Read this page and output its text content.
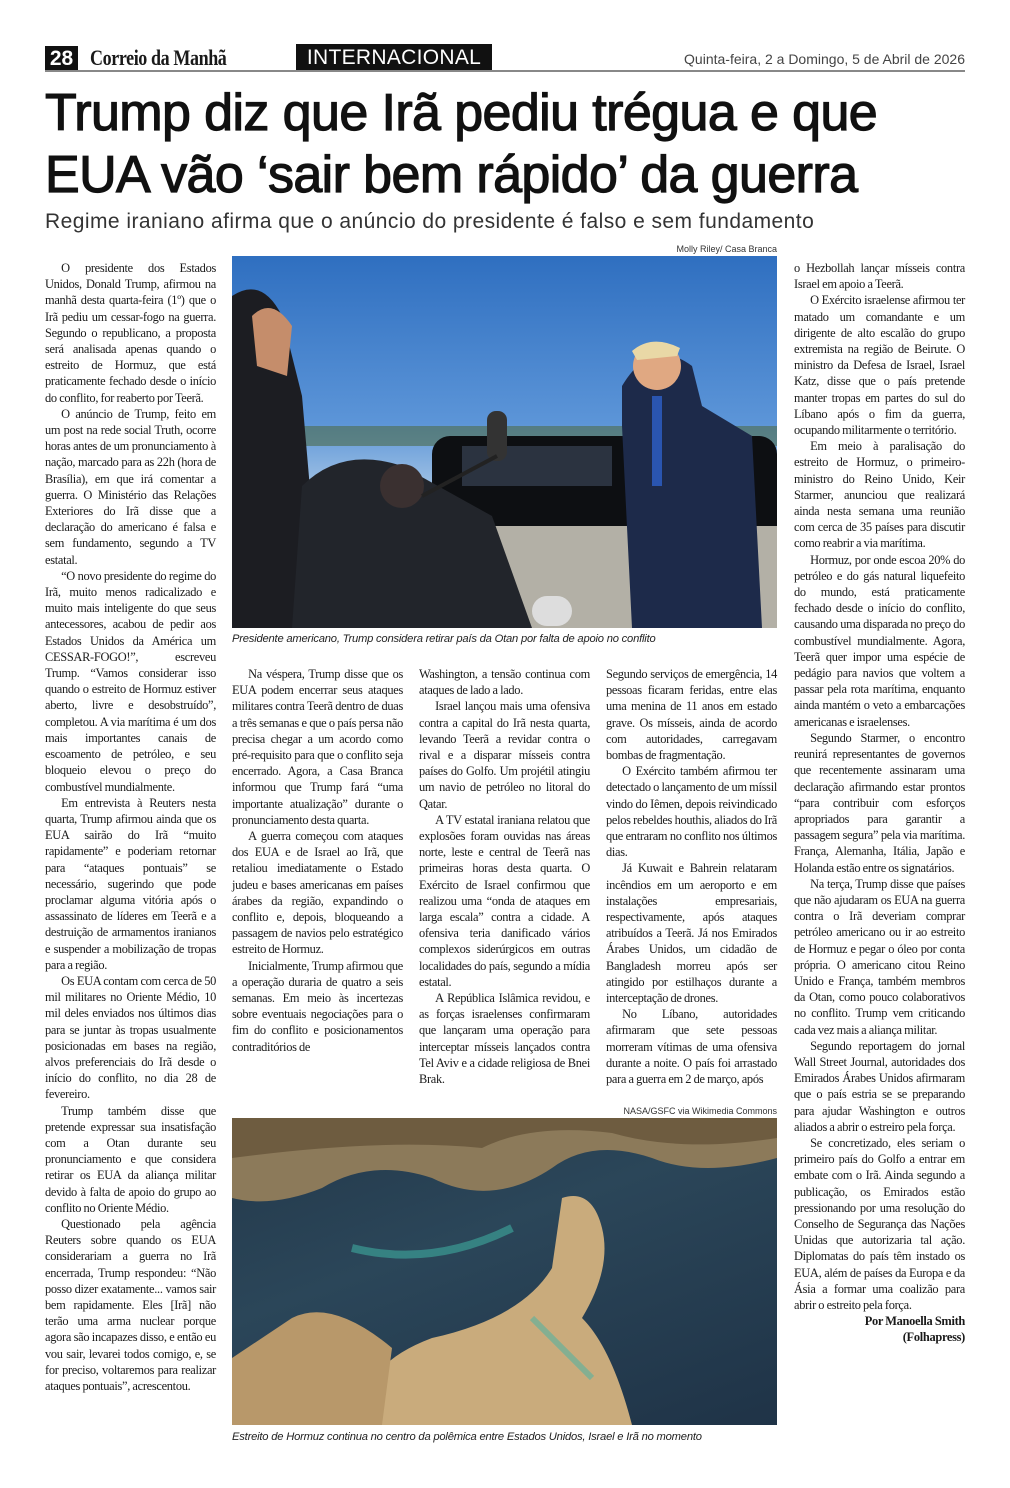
28 Correio da Manhã	INTERNACIONAL	Quinta-feira, 2 a Domingo, 5 de Abril de 2026
Trump diz que Irã pediu trégua e que
EUA vão ‘sair bem rápido’ da guerra
Regime iraniano afirma que o anúncio do presidente é falso e sem fundamento
Molly Riley/ Casa Branca
Presidente americano, Trump considera retirar país da Otan por falta de apoio no conflito
NASA/GSFC via Wikimedia Commons
Estreito de Hormuz continua no centro da polêmica entre Estados Unidos, Israel e Irã no momento

O presidente dos Estados Unidos, Donald Trump, afirmou na manhã desta quarta-feira (1º) que o Irã pediu um cessar-fogo na guerra. Segundo o republicano, a proposta será analisada apenas quando o estreito de Hormuz, que está praticamente fechado desde o início do conflito, for reaberto por Teerã.

O anúncio de Trump, feito em um post na rede social Truth, ocorre horas antes de um pronunciamento à nação, marcado para as 22h (hora de Brasília), em que irá comentar a guerra. O Ministério das Relações Exteriores do Irã disse que a declaração do americano é falsa e sem fundamento, segundo a TV estatal.

“O novo presidente do regime do Irã, muito menos radicalizado e muito mais inteligente do que seus antecessores, acabou de pedir aos Estados Unidos da América um CESSAR-FOGO!”, escreveu Trump. “Vamos considerar isso quando o estreito de Hormuz estiver aberto, livre e desobstruído”, completou. A via marítima é um dos mais importantes canais de escoamento de petróleo, e seu bloqueio elevou o preço do combustível mundialmente.

Em entrevista à Reuters nesta quarta, Trump afirmou ainda que os EUA sairão do Irã “muito rapidamente” e poderiam retornar para “ataques pontuais” se necessário, sugerindo que pode proclamar alguma vitória após o assassinato de líderes em Teerã e a destruição de armamentos iranianos e suspender a mobilização de tropas para a região.

Os EUA contam com cerca de 50 mil militares no Oriente Médio, 10 mil deles enviados nos últimos dias para se juntar às tropas usualmente posicionadas em bases na região, alvos preferenciais do Irã desde o início do conflito, no dia 28 de fevereiro.

Trump também disse que pretende expressar sua insatisfação com a Otan durante seu pronunciamento e que considera retirar os EUA da aliança militar devido à falta de apoio do grupo ao conflito no Oriente Médio.

Questionado pela agência Reuters sobre quando os EUA considerariam a guerra no Irã encerrada, Trump respondeu: “Não posso dizer exatamente... vamos sair bem rapidamente. Eles [Irã] não terão uma arma nuclear porque agora são incapazes disso, e então eu vou sair, levarei todos comigo, e, se for preciso, voltaremos para realizar ataques pontuais”, acrescentou.

Na véspera, Trump disse que os EUA podem encerrar seus ataques militares contra Teerã dentro de duas a três semanas e que o país persa não precisa chegar a um acordo como pré-requisito para que o conflito seja encerrado. Agora, a Casa Branca informou que Trump fará “uma importante atualização” durante o pronunciamento desta quarta.

A guerra começou com ataques dos EUA e de Israel ao Irã, que retaliou imediatamente o Estado judeu e bases americanas em países árabes da região, expandindo o conflito e, depois, bloqueando a passagem de navios pelo estratégico estreito de Hormuz.

Inicialmente, Trump afirmou que a operação duraria de quatro a seis semanas. Em meio às incertezas sobre eventuais negociações para o fim do conflito e posicionamentos contraditórios de

Washington, a tensão continua com ataques de lado a lado.

Israel lançou mais uma ofensiva contra a capital do Irã nesta quarta, levando Teerã a revidar contra o rival e a disparar mísseis contra países do Golfo. Um projétil atingiu um navio de petróleo no litoral do Qatar.

A TV estatal iraniana relatou que explosões foram ouvidas nas áreas norte, leste e central de Teerã nas primeiras horas desta quarta. O Exército de Israel confirmou que realizou uma “onda de ataques em larga escala” contra a cidade. A ofensiva teria danificado vários complexos siderúrgicos em outras localidades do país, segundo a mídia estatal.

A República Islâmica revidou, e as forças israelenses confirmaram que lançaram uma operação para interceptar mísseis lançados contra Tel Aviv e a cidade religiosa de Bnei Brak.

Segundo serviços de emergência, 14 pessoas ficaram feridas, entre elas uma menina de 11 anos em estado grave. Os mísseis, ainda de acordo com autoridades, carregavam bombas de fragmentação.

O Exército também afirmou ter detectado o lançamento de um míssil vindo do Iêmen, depois reivindicado pelos rebeldes houthis, aliados do Irã que entraram no conflito nos últimos dias.

Já Kuwait e Bahrein relataram incêndios em um aeroporto e em instalações empresariais, respectivamente, após ataques atribuídos a Teerã. Já nos Emirados Árabes Unidos, um cidadão de Bangladesh morreu após ser atingido por estilhaços durante a interceptação de drones.

No Líbano, autoridades afirmaram que sete pessoas morreram vítimas de uma ofensiva durante a noite. O país foi arrastado para a guerra em 2 de março, após

o Hezbollah lançar mísseis contra Israel em apoio a Teerã.

O Exército israelense afirmou ter matado um comandante e um dirigente de alto escalão do grupo extremista na região de Beirute. O ministro da Defesa de Israel, Israel Katz, disse que o país pretende manter tropas em partes do sul do Líbano após o fim da guerra, ocupando militarmente o território.

Em meio à paralisação do estreito de Hormuz, o primeiro-ministro do Reino Unido, Keir Starmer, anunciou que realizará ainda nesta semana uma reunião com cerca de 35 países para discutir como reabrir a via marítima.

Hormuz, por onde escoa 20% do petróleo e do gás natural liquefeito do mundo, está praticamente fechado desde o início do conflito, causando uma disparada no preço do combustível mundialmente. Agora, Teerã quer impor uma espécie de pedágio para navios que voltem a passar pela rota marítima, enquanto ainda mantém o veto a embarcações americanas e israelenses.

Segundo Starmer, o encontro reunirá representantes de governos que recentemente assinaram uma declaração afirmando estar prontos “para contribuir com esforços apropriados para garantir a passagem segura” pela via marítima. França, Alemanha, Itália, Japão e Holanda estão entre os signatários.

Na terça, Trump disse que países que não ajudaram os EUA na guerra contra o Irã deveriam comprar petróleo americano ou ir ao estreito de Hormuz e pegar o óleo por conta própria. O americano citou Reino Unido e França, também membros da Otan, como pouco colaborativos no conflito. Trump vem criticando cada vez mais a aliança militar.

Segundo reportagem do jornal Wall Street Journal, autoridades dos Emirados Árabes Unidos afirmaram que o país estria se se preparando para ajudar Washington e outros aliados a abrir o estreiro pela força.

Se concretizado, eles seriam o primeiro país do Golfo a entrar em embate com o Irã. Ainda segundo a publicação, os Emirados estão pressionando por uma resolução do Conselho de Segurança das Nações Unidas que autorizaria tal ação. Diplomatas do país têm instado os EUA, além de países da Europa e da Ásia a formar uma coalizão para abrir o estreito pela força.

Por Manoella Smith
(Folhapress)
